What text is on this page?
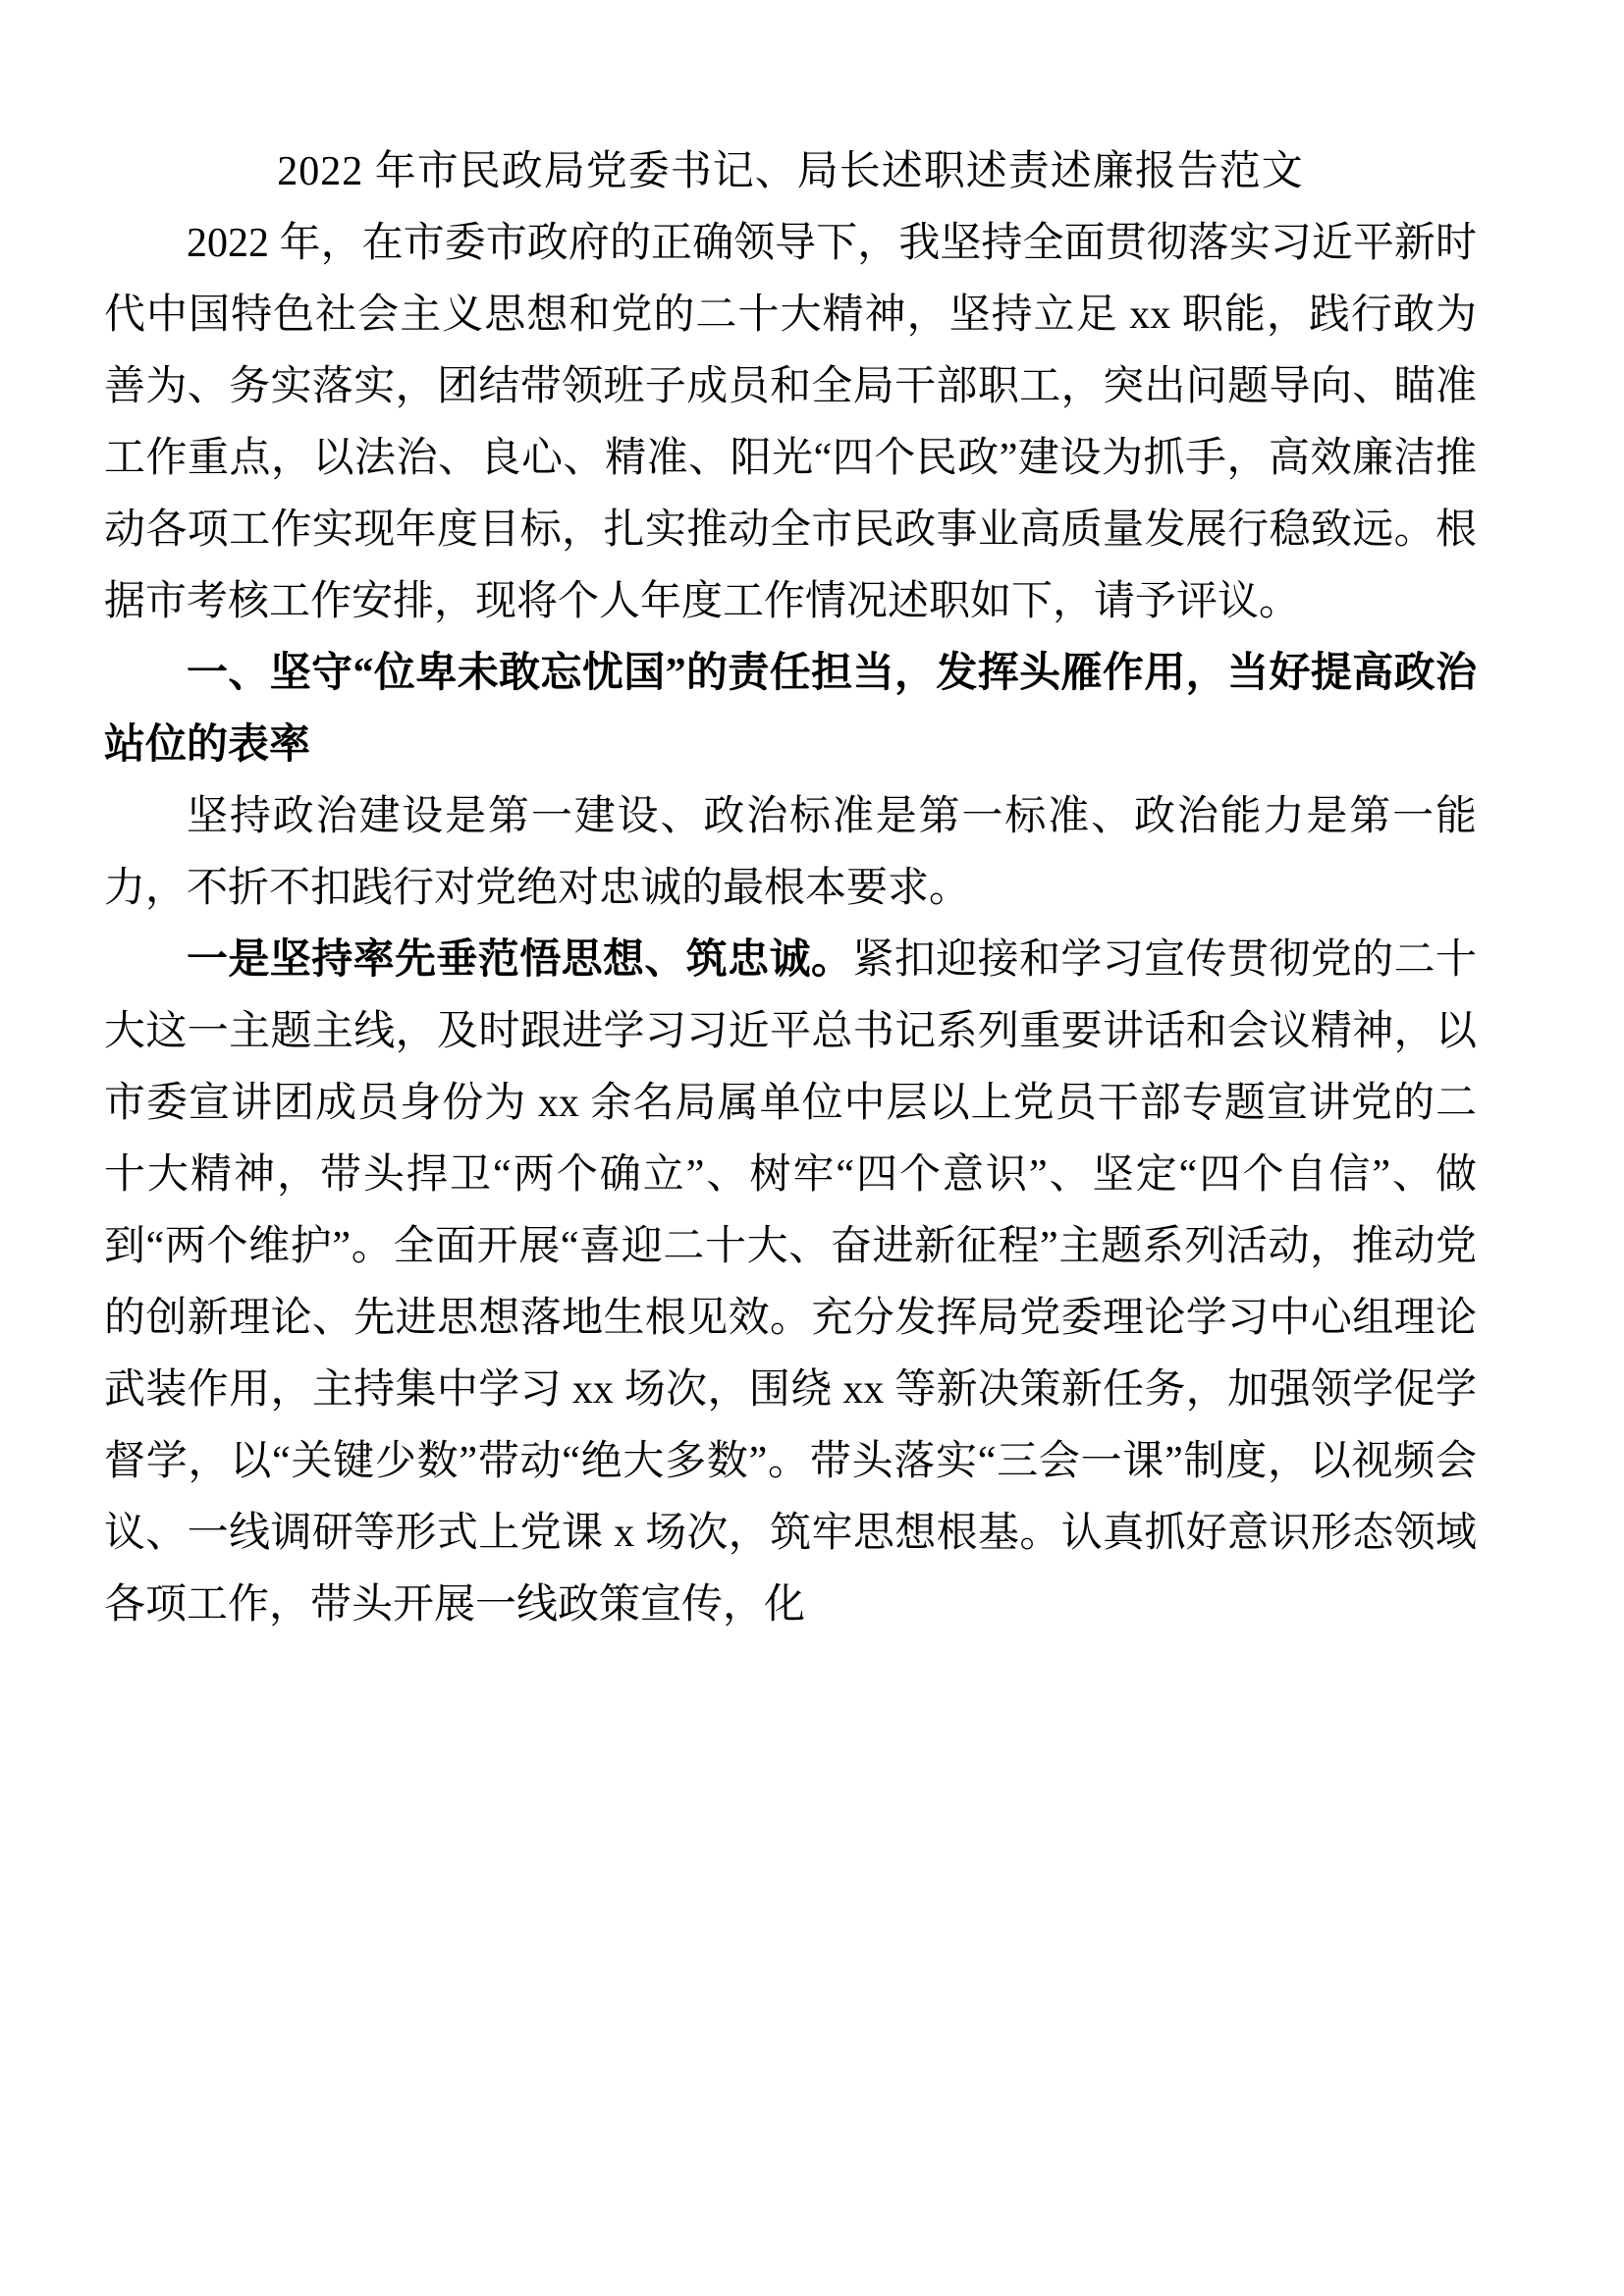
2022 年市民政局党委书记、局长述职述责述廉报告范文

2022 年，在市委市政府的正确领导下，我坚持全面贯彻落实习近平新时代中国特色社会主义思想和党的二十大精神，坚持立足 xx 职能，践行敢为善为、务实落实，团结带领班子成员和全局干部职工，突出问题导向、瞄准工作重点，以法治、良心、精准、阳光“四个民政”建设为抓手，高效廉洁推动各项工作实现年度目标，扎实推动全市民政事业高质量发展行稳致远。根据市考核工作安排，现将个人年度工作情况述职如下，请予评议。

一、坚守“位卑未敢忘忧国”的责任担当，发挥头雁作用，当好提高政治站位的表率

坚持政治建设是第一建设、政治标准是第一标准、政治能力是第一能力，不折不扣践行对党绝对忠诚的最根本要求。

一是坚持率先垂范悟思想、筑忠诚。紧扣迎接和学习宣传贯彻党的二十大这一主题主线，及时跟进学习习近平总书记系列重要讲话和会议精神，以市委宣讲团成员身份为 xx 余名局属单位中层以上党员干部专题宣讲党的二十大精神，带头捍卫“两个确立”、树牢“四个意识”、坚定“四个自信”、做到“两个维护”。全面开展“喜迎二十大、奋进新征程”主题系列活动，推动党的创新理论、先进思想落地生根见效。充分发挥局党委理论学习中心组理论武装作用，主持集中学习 xx 场次，围绕 xx 等新决策新任务，加强领学促学督学，以“关键少数”带动“绝大多数”。带头落实“三会一课”制度，以视频会议、一线调研等形式上党课 x 场次，筑牢思想根基。认真抓好意识形态领域各项工作，带头开展一线政策宣传，化
